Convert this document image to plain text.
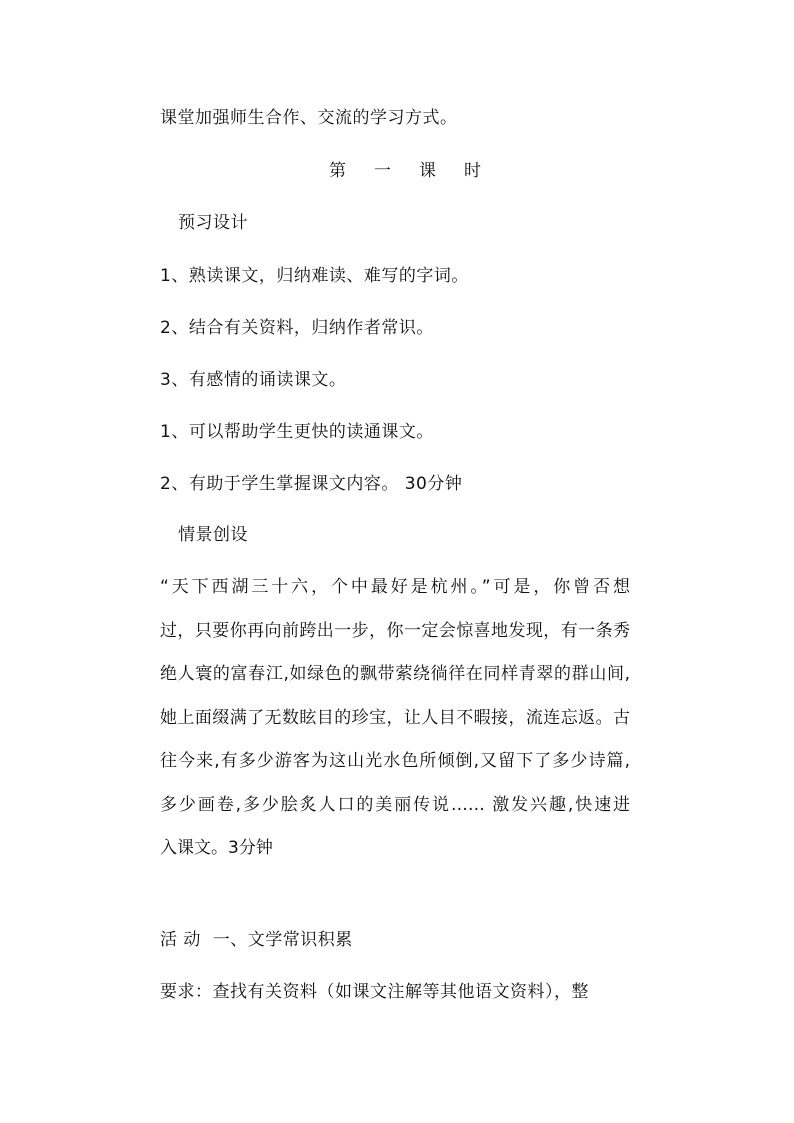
课堂加强师生合作、交流的学习方式。
第 一 课 时
预习设计
1、熟读课文，归纳难读、难写的字词。
2、结合有关资料，归纳作者常识。
3、有感情的诵读课文。
1、可以帮助学生更快的读通课文。
2、有助于学生掌握课文内容。 30分钟
情景创设
“天下西湖三十六，个中最好是杭州。”可是，你曾否想
过，只要你再向前跨出一步，你一定会惊喜地发现，有一条秀
绝人寰的富春江,如绿色的飘带萦绕徜徉在同样青翠的群山间,
她上面缀满了无数眩目的珍宝，让人目不暇接，流连忘返。古
往今来,有多少游客为这山光水色所倾倒,又留下了多少诗篇,
多少画卷,多少脍炙人口的美丽传说…… 激发兴趣,快速进
入课文。3分钟
活 动  一、文学常识积累
要求：查找有关资料（如课文注解等其他语文资料），整
